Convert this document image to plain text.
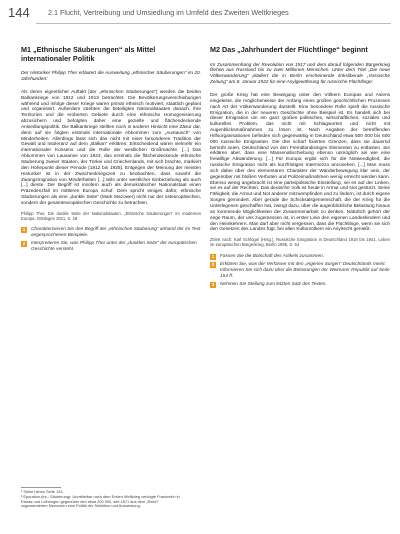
144	2.1 Flucht, Vertreibung und Umsiedlung im Umfeld des Zweiten Weltkrieges
M1 „Ethnische Säuberungen“ als Mittel internationaler Politik

Der Historiker Philipp Ther erläutert die Ausweitung „ethnischer Säuberungen“ im 20. Jahrhundert:

Als deren eigentlicher Auftakt [der „ethnischen Säuberungen“] werden die beiden Balkankriege von 1912 und 1913 betrachtet. Die Bevölkerungsverschiebungen während und infolge dieser Kriege waren primär ethnisch motiviert, staatlich geplant und organisiert. Außerdem strebten die beteiligten Nationalstaaten danach, ihre Territorien und die eroberten Gebiete durch eine ethnische Homogenisierung abzusichern und befolgten daher eine gezielte und flächendeckende Ansiedlungspolitik. Die Balkankriege stellten noch in anderer Hinsicht eine Zäsur dar, denn auf sie folgten erstmals internationale Abkommen zum „Austausch“ von Minderheiten. Allerdings lässt sich das nicht mit einer besonderen Tradition der Gewalt und Intoleranz auf dem „Balkan“ erklären. Entscheidend waren vielmehr ein internationaler Konsens und die Rolle der westlichen Großmächte. [...] Das Abkommen von Lausanne von 1923, das erstmals die flächendeckende ethnische Säuberung zweier Staaten, der Türkei und Griechenlands, mit sich brachte, markiert den Höhepunkt dieser Periode [1912 bis 1925]. Entgegen der Meinung der meisten Historiker ist in der Zwischenkriegszeit zu beobachten, dass sowohl die Zwangsmigration von Minderheiten [...] teils unter westlicher Einbeziehung als auch [...] diente. Der Begriff ist insofern auch als demokratischer Nationalstaat einen Präzedenzfall im mittleren Europa schuf. Dem spricht einiges dafür, ethnische Säuberungen als eine „dunkle Seite“ (Mark Mazower) nicht nur der osteuropäischen, sondern der gesamteuropäischen Geschichte zu betrachten.

Philipp Ther, Die dunkle Seite der Nationalstaaten. „Ethnische Säuberungen“ im modernen Europa, Göttingen 2011, S. 18

1	Charakterisieren Sie den Begriff der „ethnischen Säuberung“ anhand der im Text angesprochenen Beispiele.
2	Interpretieren Sie, was Philipp Ther unter der „dunklen Seite“ der europäischen Geschichte versteht.
M2 Das „Jahrhundert der Flüchtlinge“ beginnt

Im Zusammenhang der Revolution von 1917 und dem darauf folgenden Bürgerkrieg fliehen aus Russland bis zu zwei Millionen Menschen. Unter dem Titel „Die neue Völkerwanderung“ plädiert die in Berlin erscheinende linksliberale „Vossische Zeitung“ am 8. Januar 1922 für eine Asylgewährung für russische Flüchtlinge:

Der große Krieg hat eine Bewegung unter den Völkern Europas und Asiens eingeleitet, die möglicherweise der Anfang eines großen geschichtlichen Prozesses nach Art der Völkerwanderung darstellt. Eine besondere Rolle spielt die russische Emigration, die in der neueren Geschichte ohne Beispiel ist. Es handelt sich bei dieser Emigration um ein ganz großes politisches, wirtschaftliches, soziales und kulturelles Problem, das nicht mit Schlagworten und nicht mit Augenblicksmaßnahmen zu lösen ist. Nach Angaben der betreffenden Hilfsorganisationen befinden sich gegenwärtig in Deutschland etwa 500 000 bis 600 000 russische Emigranten. Die drei scharf fixierten Grenzen, dass sie dauernd bemüht seien, Deutschland von den Fremdlandisingen Elementen zu entlasten. Sie erklären aber, dass eine Massenabschiebung ebenso unmöglich sei wie eine freiwillige Abwanderung. [...] Für Europa ergibt sich für die Notwendigkeit, die russische Emigration nicht als kurzfristiges Intermezzo anzusehen. [...] Man muss sich dabei über den elementaren Charakter der Wanderbewegung klar sein, der gegenüber mit bloßen Verboten und Polizeimaßnahmen wenig erreicht werden kann. Ebenso wenig angebracht ist eine parteipolitische Einstellung, sei es auf der Linken, sei es auf der Rechten. Das deutsche Volk ist heute in Armut und Not gestürzt. Seine Fähigkeit, die Armut und Not anderer mitzuempfinden und zu lindern, ist durch eigene Sorgen gemindert. Aber gerade die Schicksalsgemeinschaft, die der Krieg für die Unterlegenen geschaffen hat, zwingt dazu, über die augenblickliche Belastung hinaus an kommende Möglichkeiten der Zusammenarbeit zu denken. Natürlich gehört der enge Raum, der uns zugemessen ist, in erster Linie den eigenen Landeskindern und den Heimkehrern. Man darf aber nicht vergessen, dass die Flüchtlinge, wenn sie sich den Gesetzen des Landes fügt, bei allen Kulturvölkern ein Asylrecht genießt.

Zitiert nach: Karl Schlögel (Hrsg.), Russische Emigration in Deutschland 1918 bis 1941. Leben im europäischen Bürgerkrieg, Berlin 1995, S. 54

1	Fassen Sie die Botschaft des Artikels zusammen.
2	Erklären Sie, was der Verfasser mit den „eigenen Sorgen“ Deutschlands meint. Informieren Sie sich dazu über die Belastungen der Weimarer Republik auf Seite 154 ff.
3	Nehmen Sie Stellung zum letzten Satz des Textes.

¹ Siehe hierzu Seite 143.

² Épuration (frz.: Säuberung): Unmittelbar nach dem Ersten Weltkrieg verfolgte Frankreich in Elsass und Lothringen gegenüber den etwa 200 000, seit 1871 aus dem „Reich“ zugewanderten Menschen eine Politik der Selektion und Ausweisung.
